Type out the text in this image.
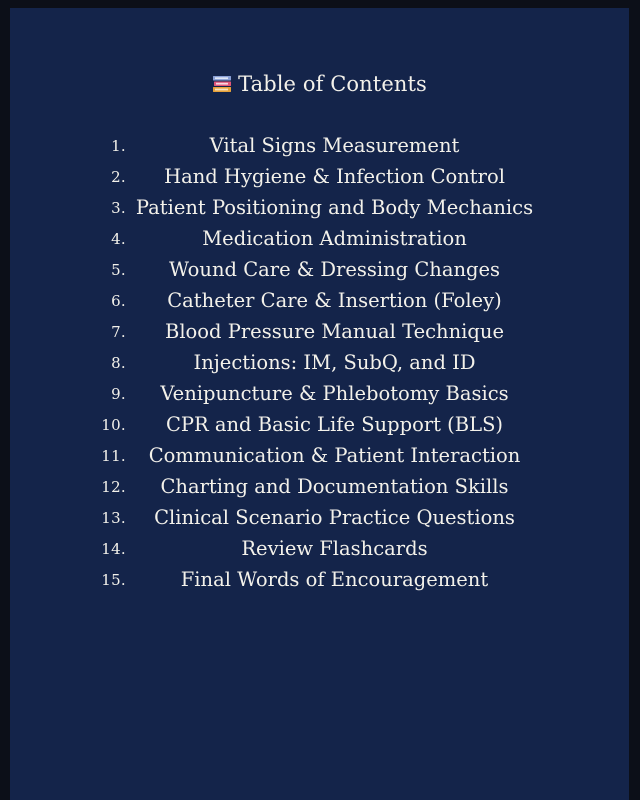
Table of Contents
1.	Vital Signs Measurement
2.	Hand Hygiene & Infection Control
3. Patient Positioning and Body Mechanics
4.	Medication Administration
5.	Wound Care & Dressing Changes
6.	Catheter Care & Insertion (Foley)
7.	Blood Pressure Manual Technique
8.	Injections: IM, SubQ, and ID
9.	Venipuncture & Phlebotomy Basics
10.	CPR and Basic Life Support (BLS)
11.	Communication & Patient Interaction
12.	Charting and Documentation Skills
13.	Clinical Scenario Practice Questions
14.	Review Flashcards
15.	Final Words of Encouragement
